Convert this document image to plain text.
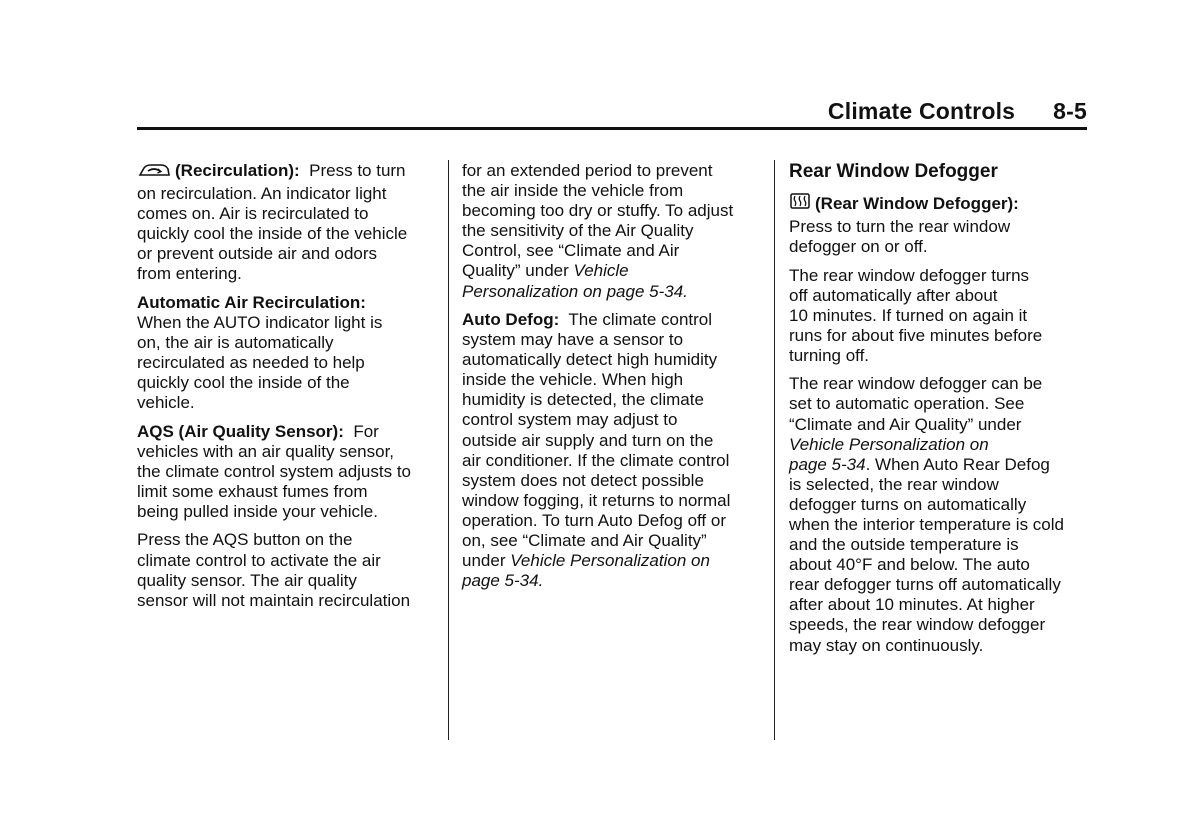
Climate Controls 8-5

(Recirculation): Press to turn
on recirculation. An indicator light
comes on. Air is recirculated to
quickly cool the inside of the vehicle
or prevent outside air and odors
from entering.

Automatic Air Recirculation:
When the AUTO indicator light is
on, the air is automatically
recirculated as needed to help
quickly cool the inside of the
vehicle.

AQS (Air Quality Sensor): For
vehicles with an air quality sensor,
the climate control system adjusts to
limit some exhaust fumes from
being pulled inside your vehicle.

Press the AQS button on the
climate control to activate the air
quality sensor. The air quality
sensor will not maintain recirculation

for an extended period to prevent
the air inside the vehicle from
becoming too dry or stuffy. To adjust
the sensitivity of the Air Quality
Control, see “Climate and Air
Quality” under Vehicle
Personalization on page 5-34.

Auto Defog: The climate control
system may have a sensor to
automatically detect high humidity
inside the vehicle. When high
humidity is detected, the climate
control system may adjust to
outside air supply and turn on the
air conditioner. If the climate control
system does not detect possible
window fogging, it returns to normal
operation. To turn Auto Defog off or
on, see “Climate and Air Quality”
under Vehicle Personalization on
page 5-34.

Rear Window Defogger

(Rear Window Defogger):
Press to turn the rear window
defogger on or off.

The rear window defogger turns
off automatically after about
10 minutes. If turned on again it
runs for about five minutes before
turning off.

The rear window defogger can be
set to automatic operation. See
“Climate and Air Quality” under
Vehicle Personalization on
page 5-34. When Auto Rear Defog
is selected, the rear window
defogger turns on automatically
when the interior temperature is cold
and the outside temperature is
about 40°F and below. The auto
rear defogger turns off automatically
after about 10 minutes. At higher
speeds, the rear window defogger
may stay on continuously.
